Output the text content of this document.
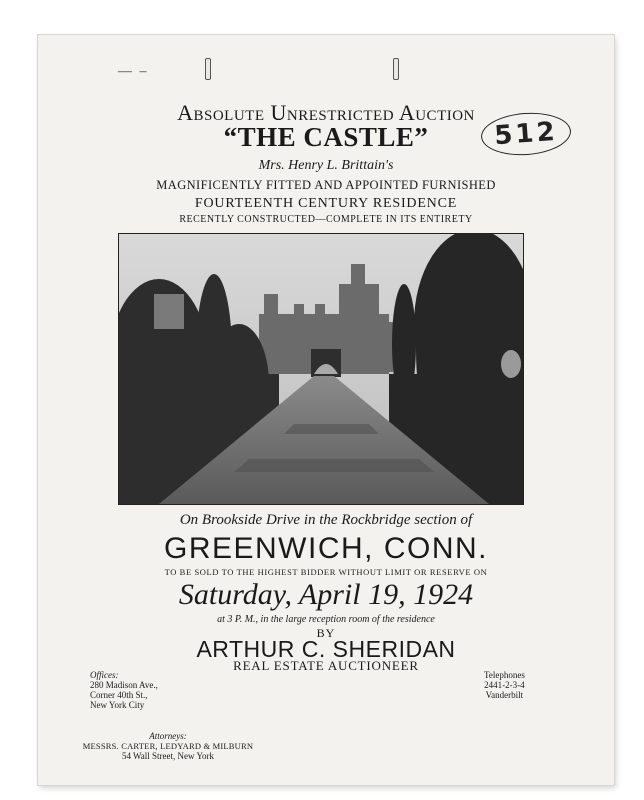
— –
Absolute Unrestricted Auction
“THE CASTLE”
Mrs. Henry L. Brittain's
MAGNIFICENTLY FITTED AND APPOINTED FURNISHED
FOURTEENTH CENTURY RESIDENCE
RECENTLY CONSTRUCTED—COMPLETE IN ITS ENTIRETY
512
On Brookside Drive in the Rockbridge section of
GREENWICH, CONN.
TO BE SOLD TO THE HIGHEST BIDDER WITHOUT LIMIT OR RESERVE ON
Saturday, April 19, 1924
at 3 P. M., in the large reception room of the residence
BY
ARTHUR C. SHERIDAN
REAL ESTATE AUCTIONEER
Offices:
280 Madison Ave.,
Corner 40th St.,
New York City
Telephones
2441-2-3-4
Vanderbilt
Attorneys:
MESSRS. CARTER, LEDYARD & MILBURN
54 Wall Street, New York
